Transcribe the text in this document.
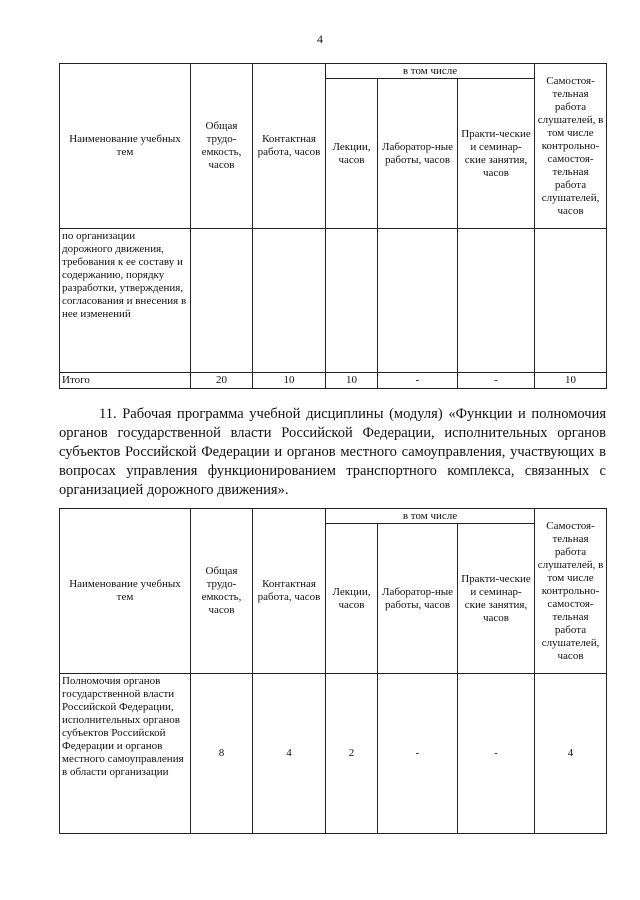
4
Наименование учебных тем	Общая трудо-емкость, часов	Контактная работа, часов	в том числе			Самостоя-тельная работа слушателей, в том числе контрольно-самостоя-тельная работа слушателей, часов
			Лекции, часов	Лаборатор-ные работы, часов	Практи-ческие и семинар-ские занятия, часов	
по организации дорожного движения, требования к ее составу и содержанию, порядку разработки, утверждения, согласования и внесения в нее изменений						
Итого	20	10	10	-	-	10
11. Рабочая программа учебной дисциплины (модуля) «Функции и полномочия органов государственной власти Российской Федерации, исполнительных органов субъектов Российской Федерации и органов местного самоуправления, участвующих в вопросах управления функционированием транспортного комплекса, связанных с организацией дорожного движения».
Наименование учебных тем	Общая трудо-емкость, часов	Контактная работа, часов	в том числе			Самостоя-тельная работа слушателей, в том числе контрольно-самостоя-тельная работа слушателей, часов
			Лекции, часов	Лаборатор-ные работы, часов	Практи-ческие и семинар-ские занятия, часов	
Полномочия органов государственной власти Российской Федерации, исполнительных органов субъектов Российской Федерации и органов местного самоуправления в области организации	8	4	2	-	-	4
